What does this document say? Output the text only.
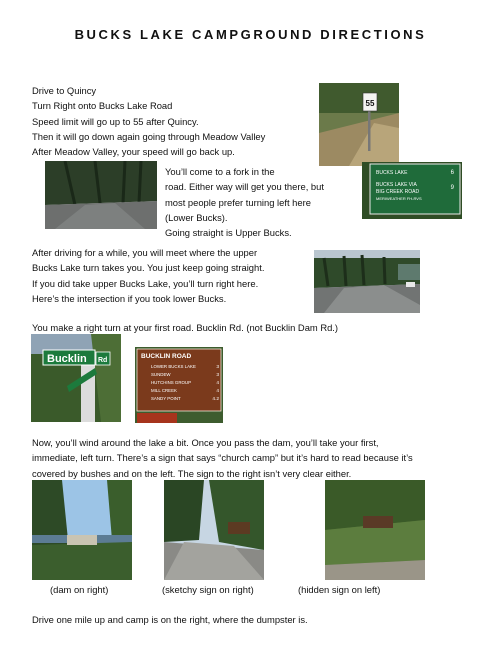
BUCKS LAKE CAMPGROUND DIRECTIONS
Drive to Quincy
Turn Right onto Bucks Lake Road
Speed limit will go up to 55 after Quincy.
Then it will go down again going through Meadow Valley
After Meadow Valley, your speed will go back up.
55
BUCKS LAKE	6
BUCKS LAKE VIA	9
BIG CREEK ROAD
MERIWEATHER FH-RVS
You’ll come to a fork in the
road. Either way will get you there, but
most people prefer turning left here
(Lower Bucks).
Going straight is Upper Bucks.
After driving for a while, you will meet where the upper
Bucks Lake turn takes you. You just keep going straight.
If you did take upper Bucks Lake, you’ll turn right here.
Here’s the intersection if you took lower Bucks.
You make a right turn at your first road. Bucklin Rd. (not Bucklin Dam Rd.)
Bucklin Rd
BUCKLIN ROAD
LOWER BUCKS LAKE	3
SUNDEW	3
HUTCHINS GROUP	4
MILL CREEK	4
SANDY POINT	4.2
Now, you’ll wind around the lake a bit. Once you pass the dam, you’ll take your first,
immediate, left turn. There’s a sign that says “church camp” but it’s hard to read because it’s
covered by bushes and on the left. The sign to the right isn’t very clear either.
(dam on right)	(sketchy sign on right)	(hidden sign on left)
Drive one mile up and camp is on the right, where the dumpster is.
